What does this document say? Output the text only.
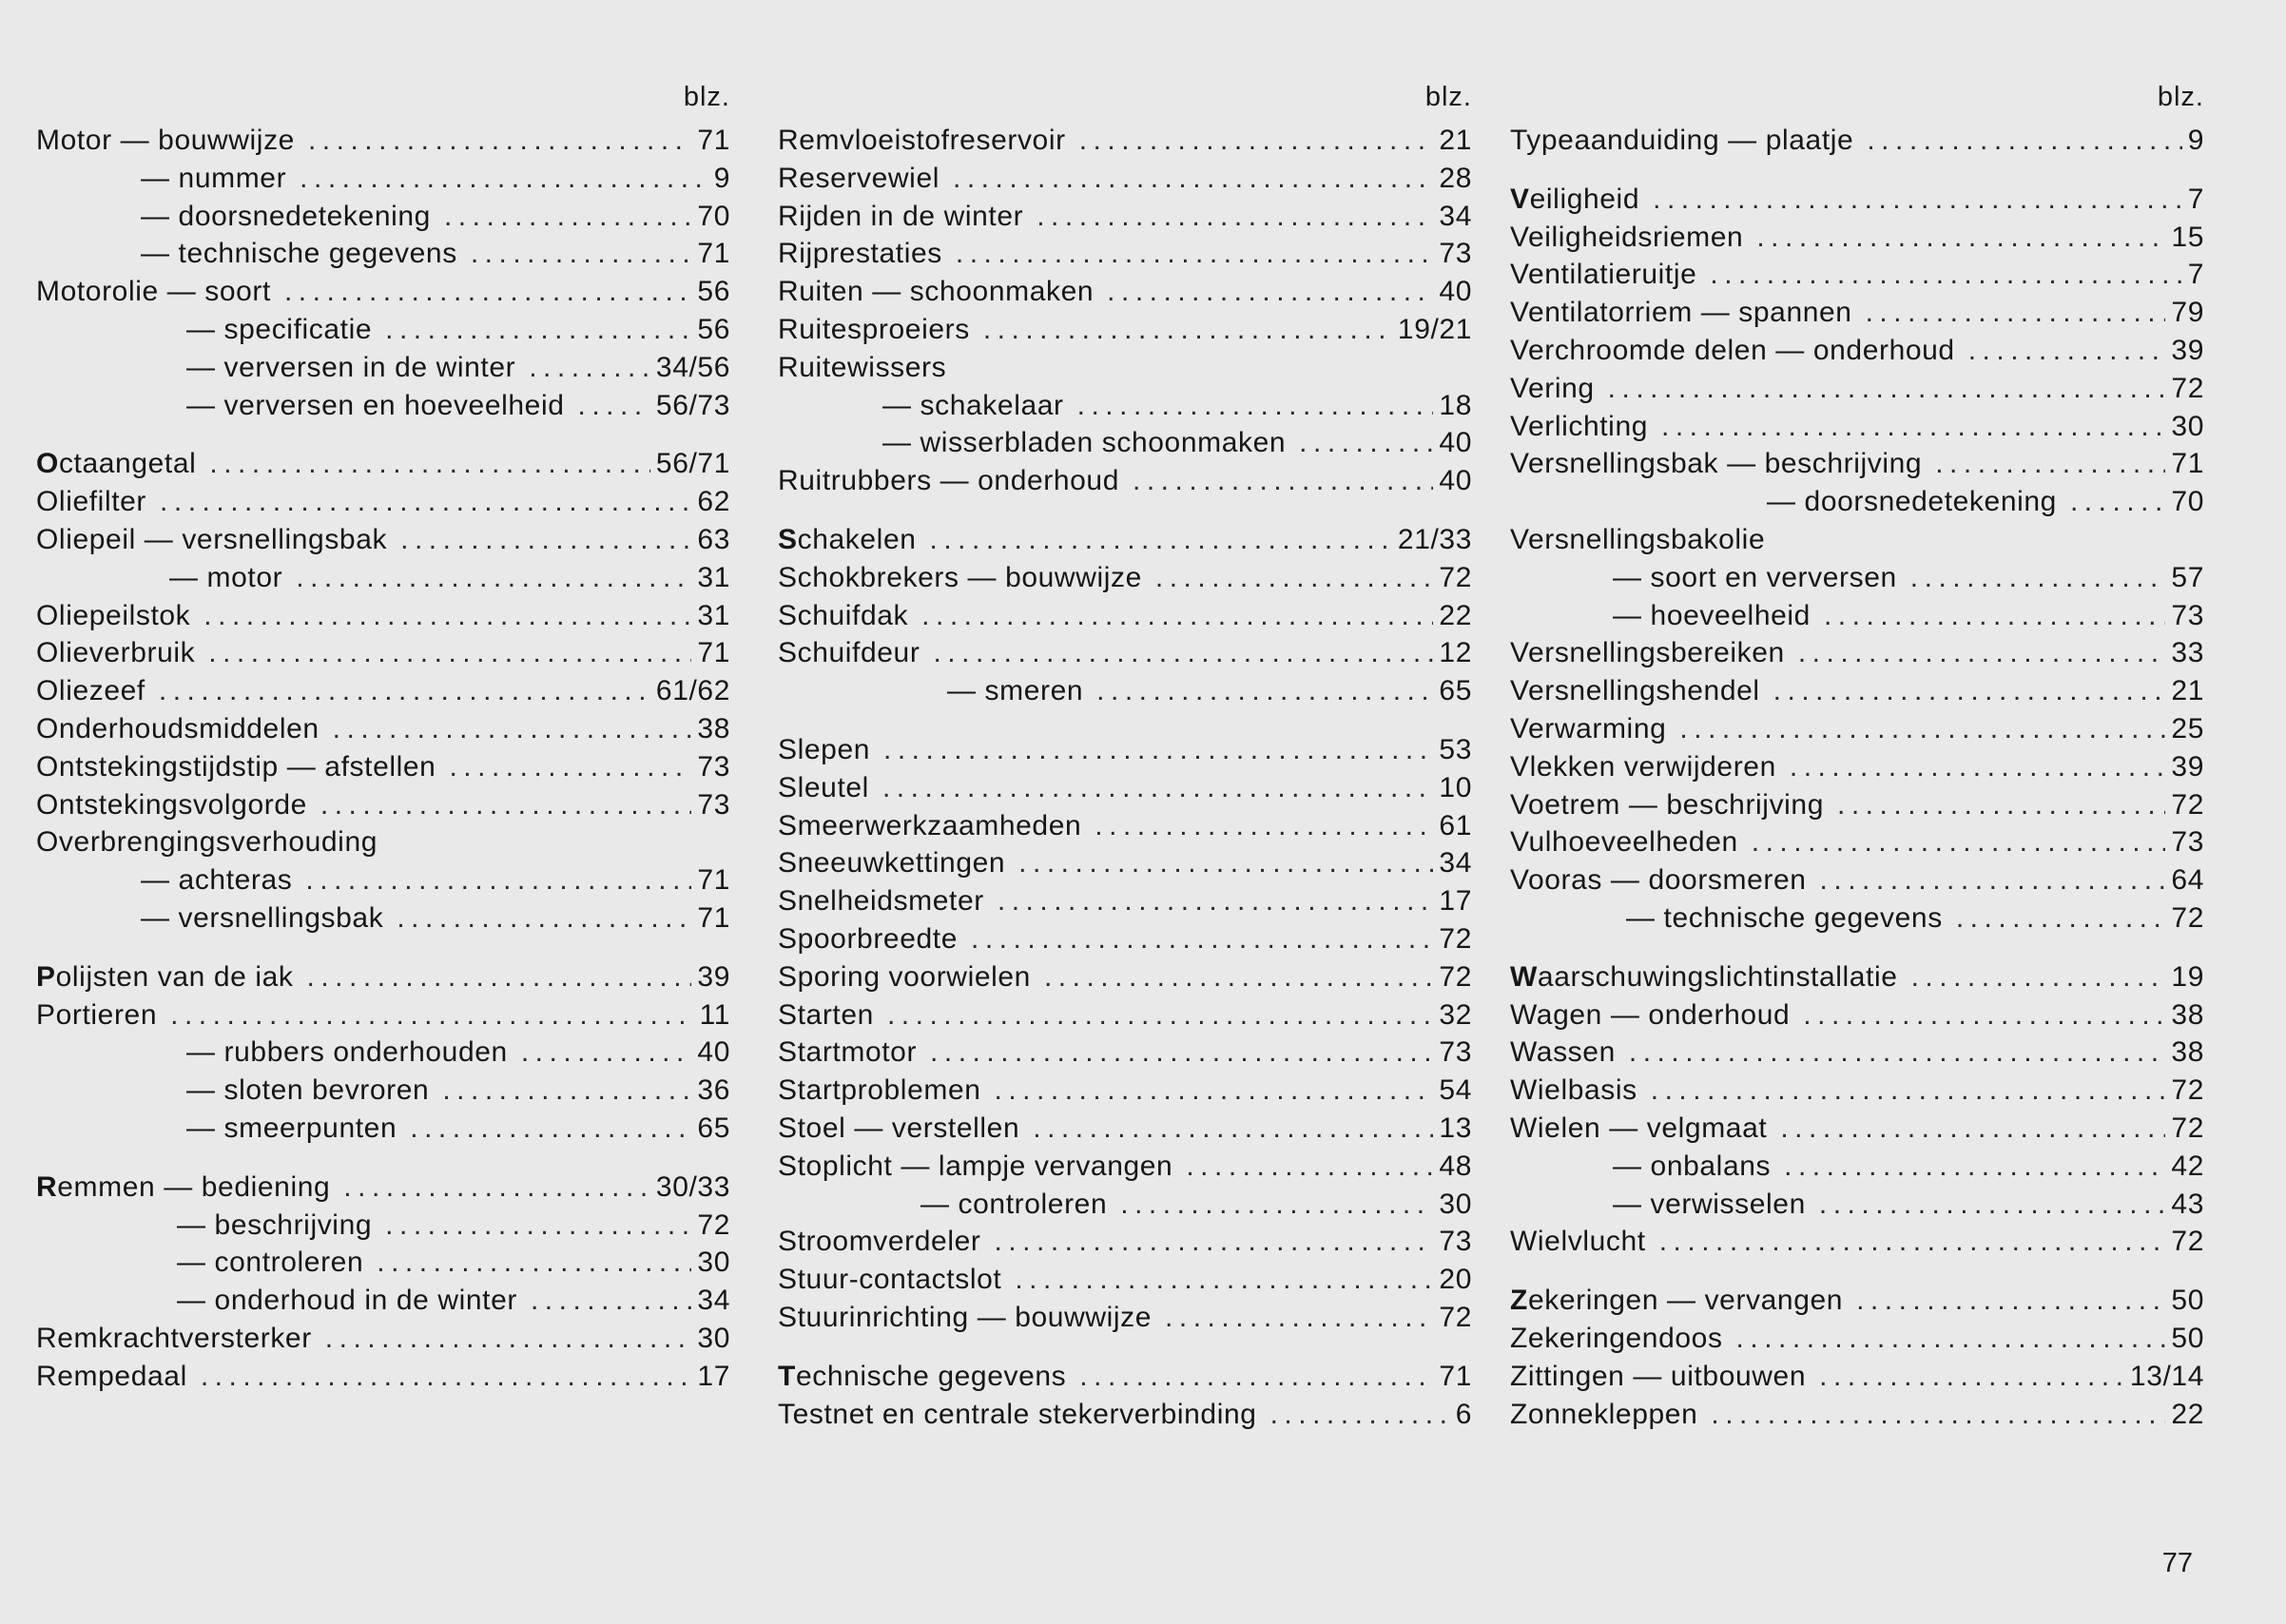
blz.
Motor — bouwwijze .....	71
— nummer .....	9
— doorsnedetekening .....	70
— technische gegevens .....	71
Motorolie — soort .....	56
— specificatie .....	56
— verversen in de winter .....	34/56
— verversen en hoeveelheid .....	56/73
Octaangetal .....	56/71
Oliefilter .....	62
Oliepeil — versnellingsbak .....	63
— motor .....	31
Oliepeilstok .....	31
Olieverbruik .....	71
Oliezeef .....	61/62
Onderhoudsmiddelen .....	38
Ontstekingstijdstip — afstellen .....	73
Ontstekingsvolgorde .....	73
Overbrengingsverhouding
— achteras .....	71
— versnellingsbak .....	71
Polijsten van de iak .....	39
Portieren .....	11
— rubbers onderhouden .....	40
— sloten bevroren .....	36
— smeerpunten .....	65
Remmen — bediening .....	30/33
— beschrijving .....	72
— controleren .....	30
— onderhoud in de winter .....	34
Remkrachtversterker .....	30
Rempedaal .....	17
blz.
Remvloeistofreservoir .....	21
Reservewiel .....	28
Rijden in de winter .....	34
Rijprestaties .....	73
Ruiten — schoonmaken .....	40
Ruitesproeiers .....	19/21
Ruitewissers
— schakelaar .....	18
— wisserbladen schoonmaken .....	40
Ruitrubbers — onderhoud .....	40
Schakelen .....	21/33
Schokbrekers — bouwwijze .....	72
Schuifdak .....	22
Schuifdeur .....	12
— smeren .....	65
Slepen .....	53
Sleutel .....	10
Smeerwerkzaamheden .....	61
Sneeuwkettingen .....	34
Snelheidsmeter .....	17
Spoorbreedte .....	72
Sporing voorwielen .....	72
Starten .....	32
Startmotor .....	73
Startproblemen .....	54
Stoel — verstellen .....	13
Stoplicht — lampje vervangen .....	48
— controleren .....	30
Stroomverdeler .....	73
Stuur-contactslot .....	20
Stuurinrichting — bouwwijze .....	72
Technische gegevens .....	71
Testnet en centrale stekerverbinding .....	6
blz.
Typeaanduiding — plaatje .....	9
Veiligheid .....	7
Veiligheidsriemen .....	15
Ventilatieruitje .....	7
Ventilatorriem — spannen .....	79
Verchroomde delen — onderhoud .....	39
Vering .....	72
Verlichting .....	30
Versnellingsbak — beschrijving .....	71
— doorsnedetekening .....	70
Versnellingsbakolie
— soort en verversen .....	57
— hoeveelheid .....	73
Versnellingsbereiken .....	33
Versnellingshendel .....	21
Verwarming .....	25
Vlekken verwijderen .....	39
Voetrem — beschrijving .....	72
Vulhoeveelheden .....	73
Vooras — doorsmeren .....	64
— technische gegevens .....	72
Waarschuwingslichtinstallatie .....	19
Wagen — onderhoud .....	38
Wassen .....	38
Wielbasis .....	72
Wielen — velgmaat .....	72
— onbalans .....	42
— verwisselen .....	43
Wielvlucht .....	72
Zekeringen — vervangen .....	50
Zekeringendoos .....	50
Zittingen — uitbouwen .....	13/14
Zonnekleppen .....	22
77
